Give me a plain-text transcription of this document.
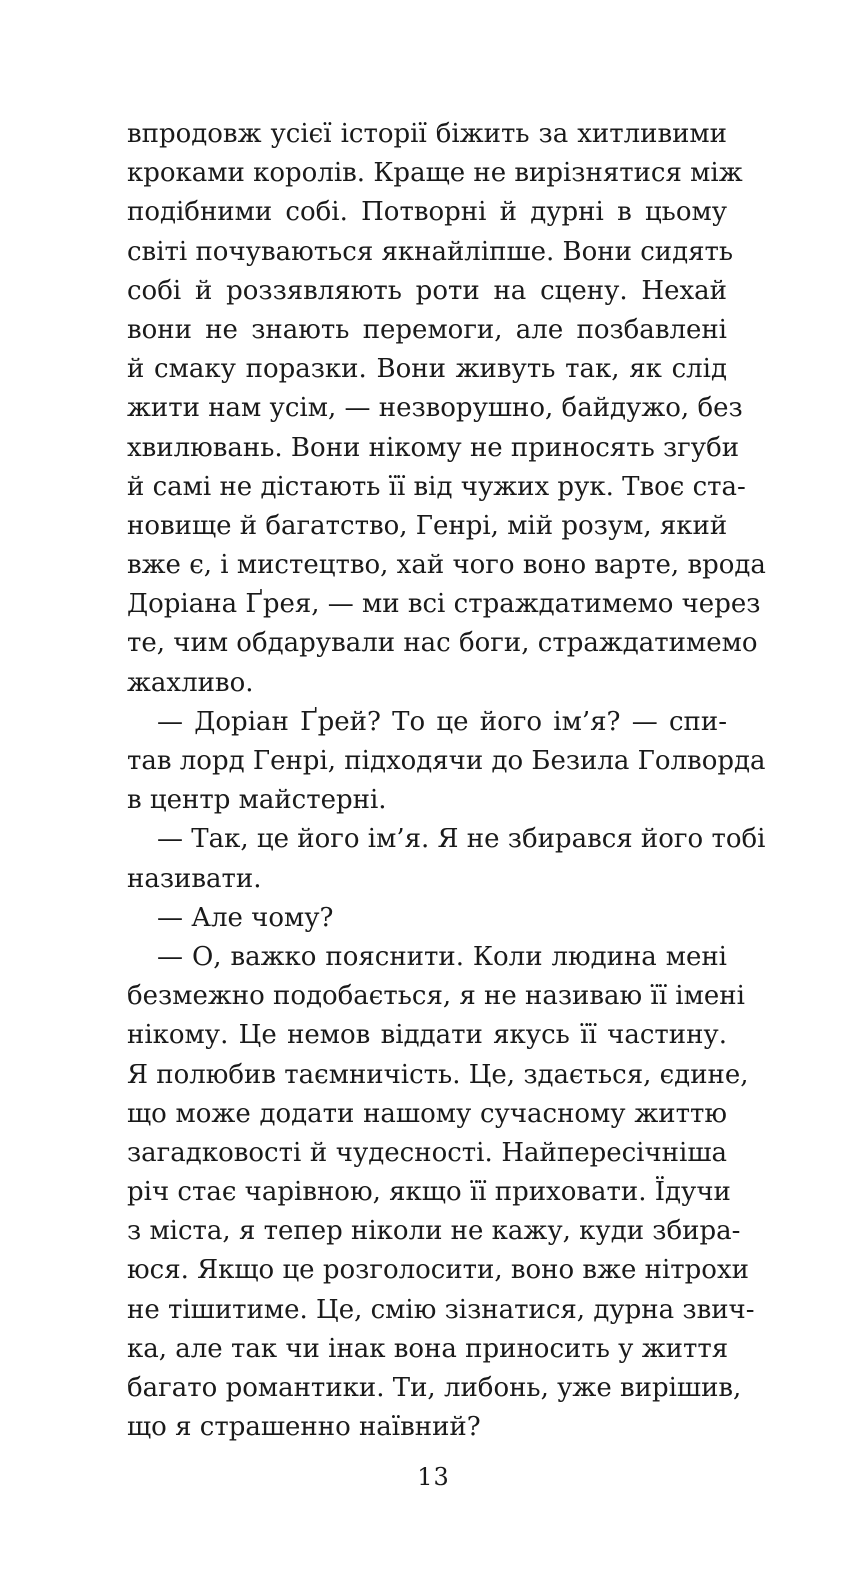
впродовж усієї історії біжить за хитливими
кроками королів. Краще не вирізнятися між
подібними собі. Потворні й дурні в цьому
світі почуваються якнайліпше. Вони сидять
собі й роззявляють роти на сцену. Нехай
вони не знають перемоги, але позбавлені
й смаку поразки. Вони живуть так, як слід
жити нам усім, — незворушно, байдужо, без
хвилювань. Вони нікому не приносять згуби
й самі не дістають її від чужих рук. Твоє ста-
новище й багатство, Генрі, мій розум, який
вже є, і мистецтво, хай чого воно варте, врода
Доріана Ґрея, — ми всі страждатимемо через
те, чим обдарували нас боги, страждатимемо
жахливо.
— Доріан Ґрей? То це його ім’я? — спи-
тав лорд Генрі, підходячи до Безила Голворда
в центр майстерні.
— Так, це його ім’я. Я не збирався його тобі
називати.
— Але чому?
— О, важко пояснити. Коли людина мені
безмежно подобається, я не називаю її імені
нікому. Це немов віддати якусь її частину.
Я полюбив таємничість. Це, здається, єдине,
що може додати нашому сучасному життю
загадковості й чудесності. Найпересічніша
річ стає чарівною, якщо її приховати. Їдучи
з міста, я тепер ніколи не кажу, куди збира-
юся. Якщо це розголосити, воно вже нітрохи
не тішитиме. Це, смію зізнатися, дурна звич-
ка, але так чи інак вона приносить у життя
багато романтики. Ти, либонь, уже вирішив,
що я страшенно наївний?
13
